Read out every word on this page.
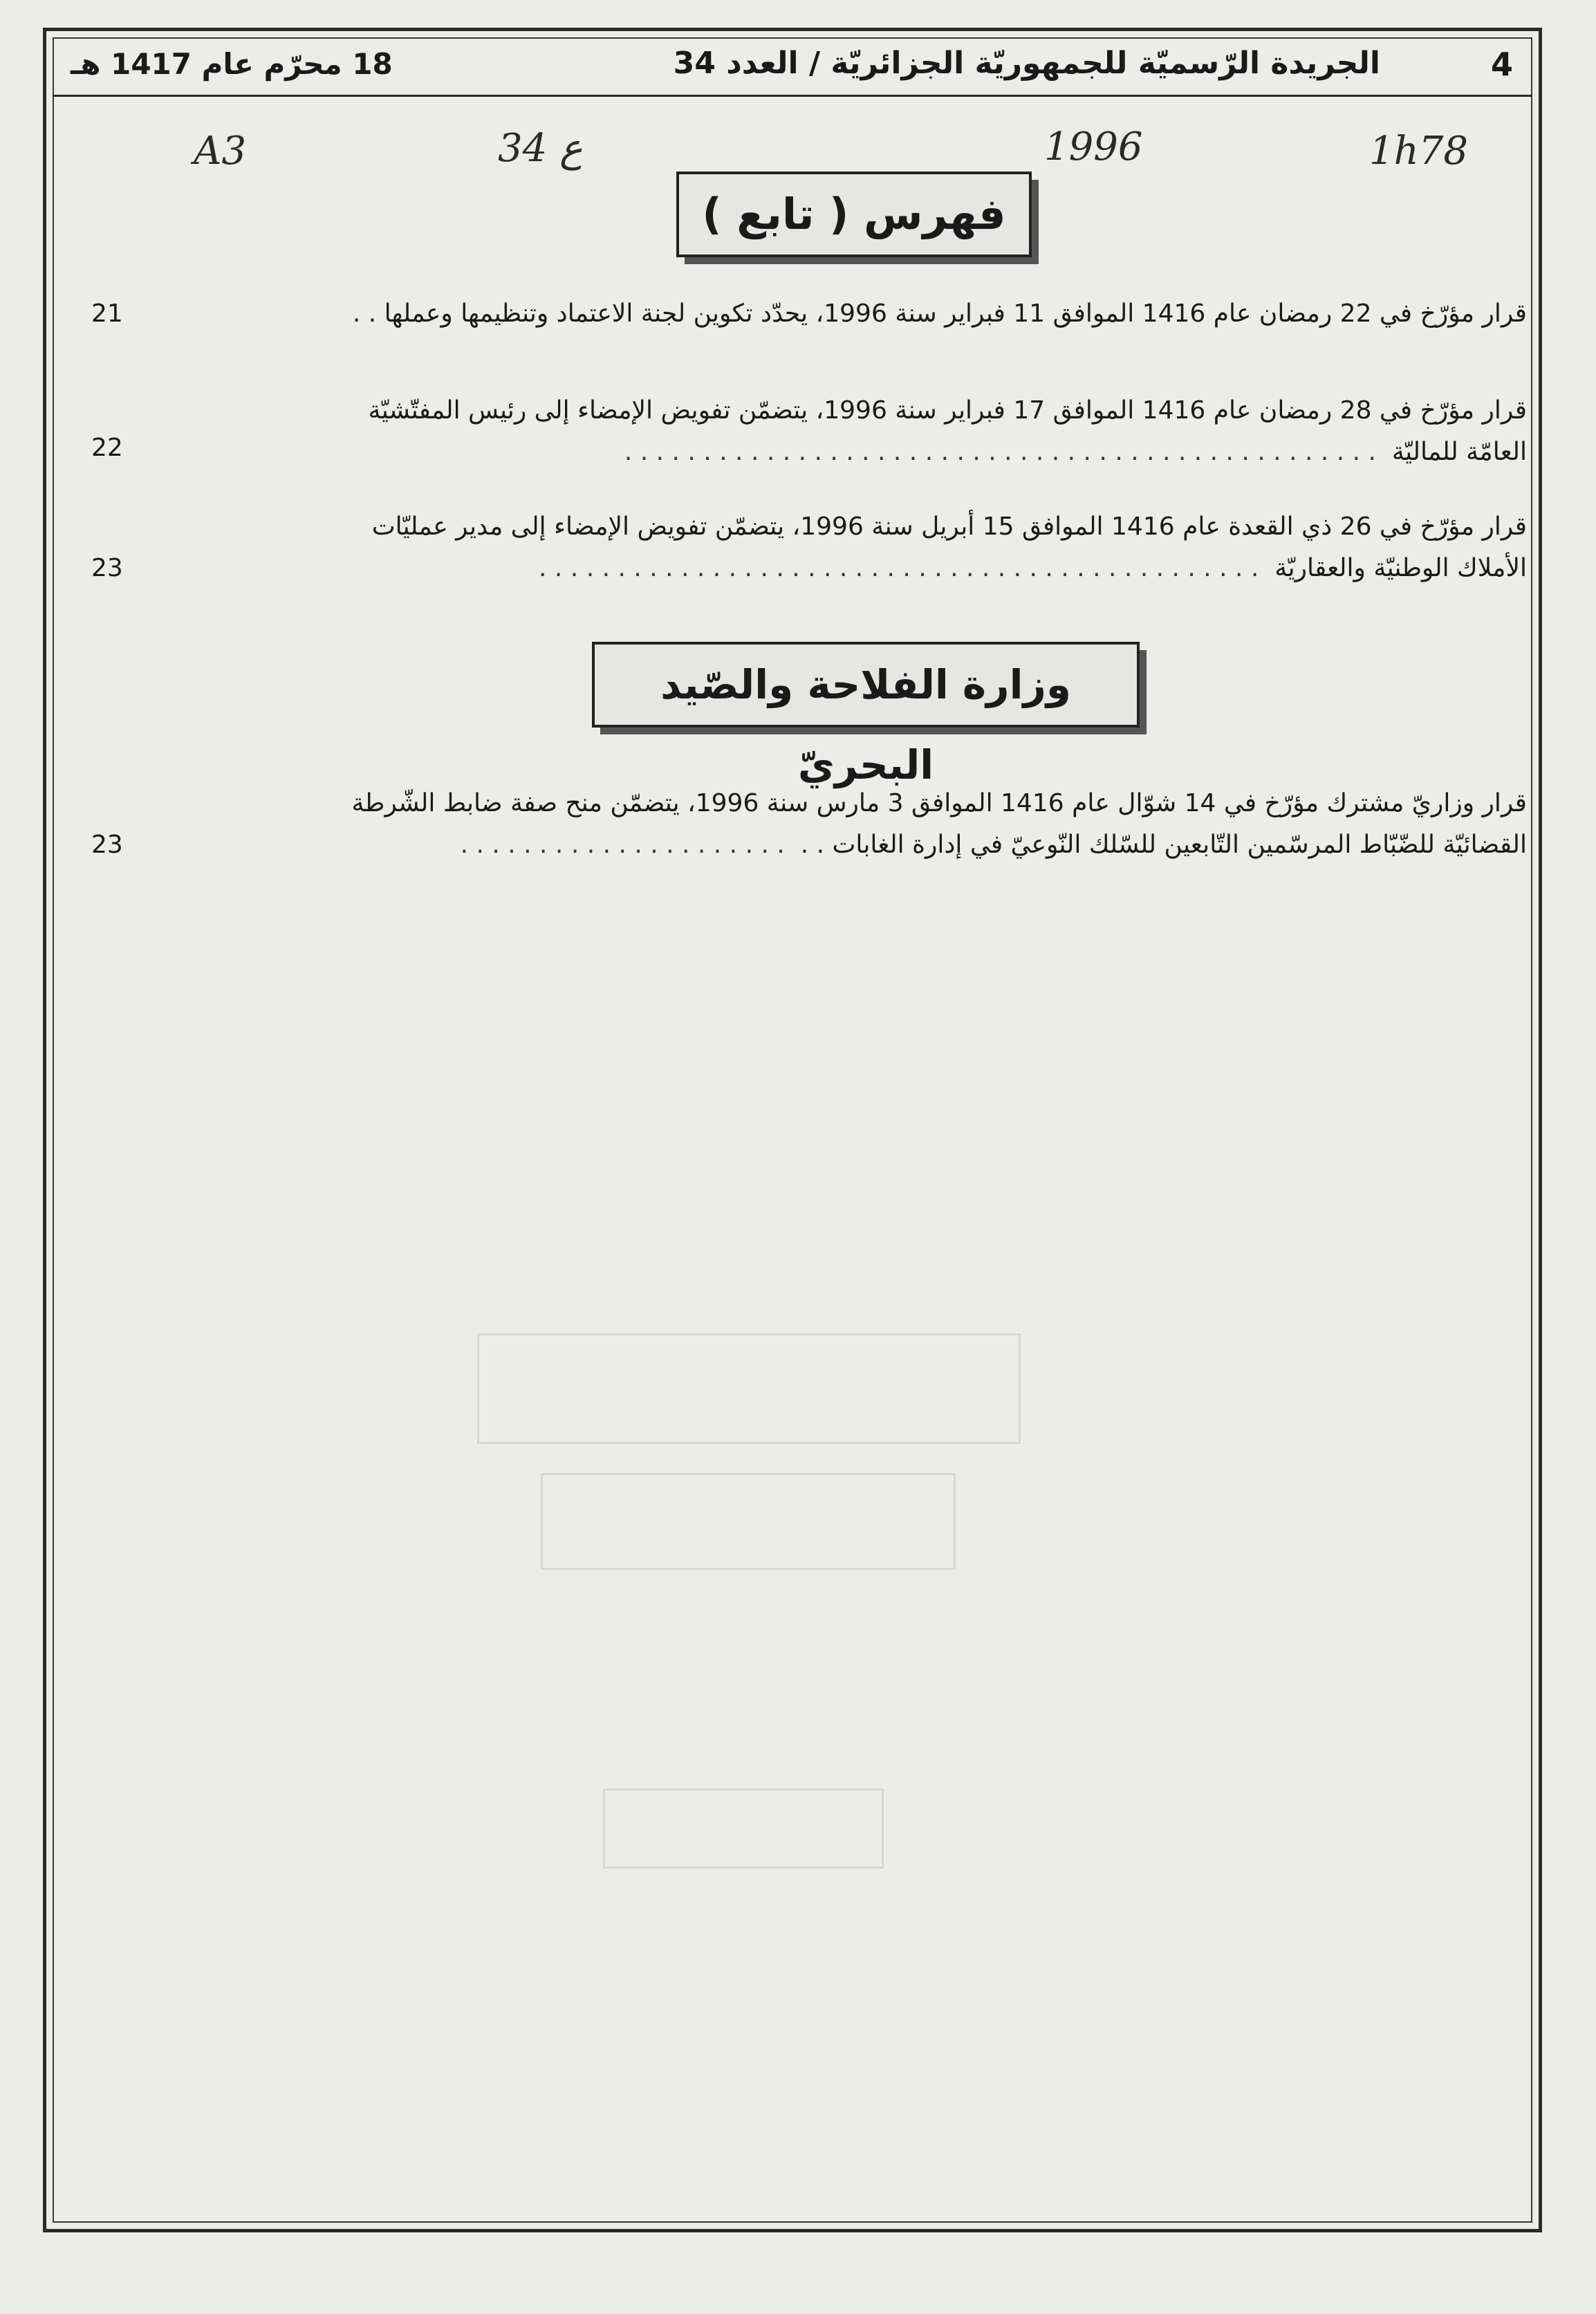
4
الجريدة الرّسميّة للجمهوريّة الجزائريّة / العدد 34
18 محرّم عام 1417 هـ
A3	34 ع	1996	1h78
فهرس ( تابع )
قرار مؤرّخ في 22 رمضان عام 1416 الموافق 11 فبراير سنة 1996، يحدّد تكوين لجنة الاعتماد وتنظيمها وعملها . .
21
قرار مؤرّخ في 28 رمضان عام 1416 الموافق 17 فبراير سنة 1996، يتضمّن تفويض الإمضاء إلى رئيس المفتّشيّة
العامّة للماليّة  . . . . . . . . . . . . . . . . . . . . . . . . . . . . . . . . . . . . . . . . . . . . . . . .
22
قرار مؤرّخ في 26 ذي القعدة عام 1416 الموافق 15 أبريل سنة 1996، يتضمّن تفويض الإمضاء إلى مدير عمليّات
الأملاك الوطنيّة والعقاريّة  . . . . . . . . . . . . . . . . . . . . . . . . . . . . . . . . . . . . . . . . . . . . . .
23
وزارة الفلاحة والصّيد البحريّ
قرار وزاريّ مشترك مؤرّخ في 14 شوّال عام 1416 الموافق 3 مارس سنة 1996، يتضمّن منح صفة ضابط الشّرطة
القضائيّة للضّبّاط المرسّمين التّابعين للسّلك النّوعيّ في إدارة الغابات . .  . . . . . . . . . . . . . . . . . . . . .
23
